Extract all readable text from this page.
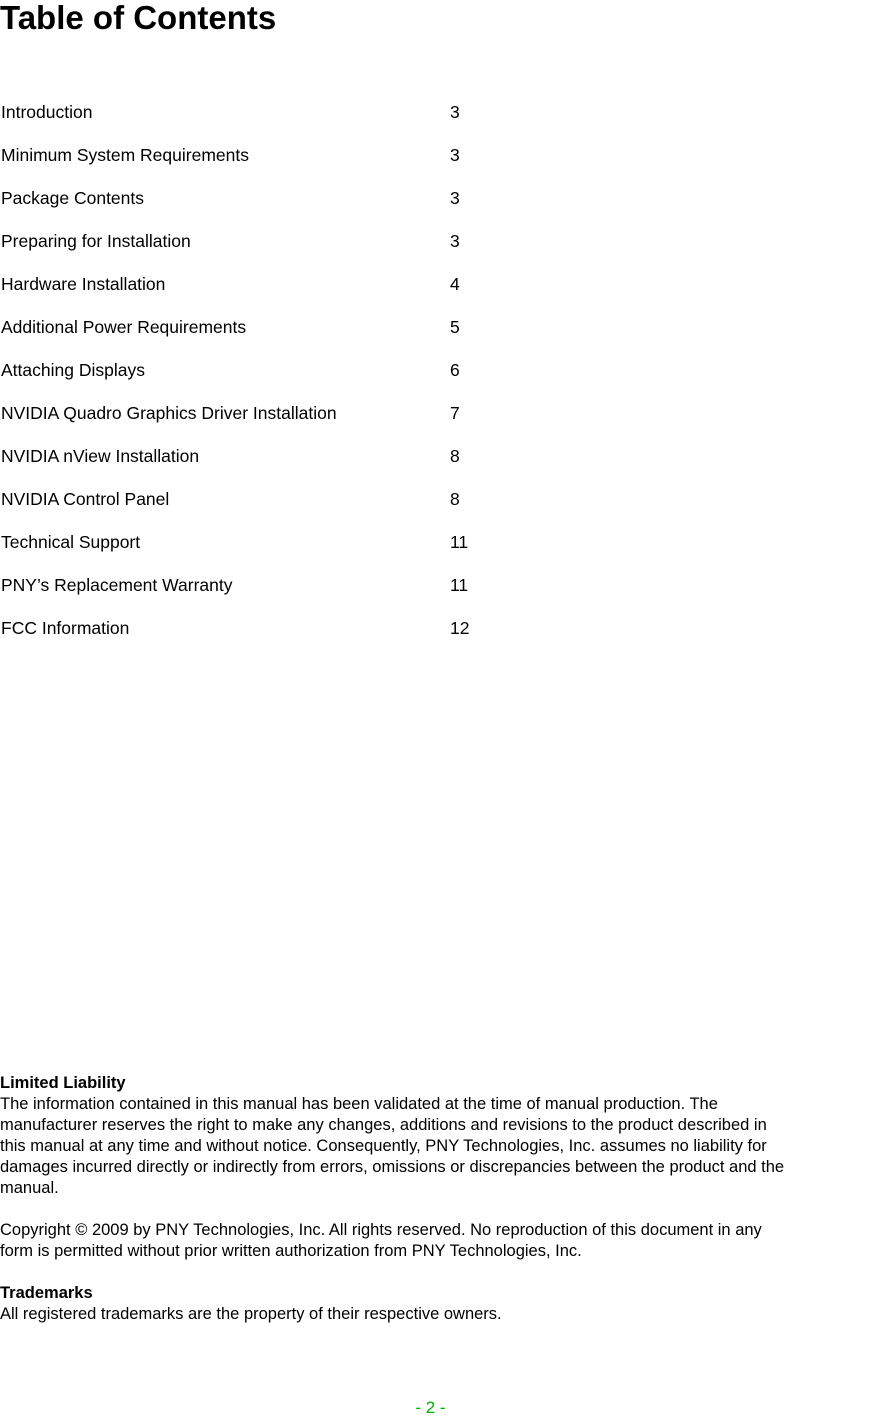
Table of Contents
Introduction	3
Minimum System Requirements	3
Package Contents	3
Preparing for Installation	3
Hardware Installation	4
Additional Power Requirements	5
Attaching Displays	6
NVIDIA Quadro Graphics Driver Installation	7
NVIDIA nView Installation	8
NVIDIA Control Panel	8
Technical Support	11
PNY’s Replacement Warranty	11
FCC Information	12
Limited Liability

The information contained in this manual has been validated at the time of manual production. The

manufacturer reserves the right to make any changes, additions and revisions to the product described in

this manual at any time and without notice. Consequently, PNY Technologies, Inc. assumes no liability for

damages incurred directly or indirectly from errors, omissions or discrepancies between the product and the

manual.

Copyright © 2009 by PNY Technologies, Inc. All rights reserved. No reproduction of this document in any

form is permitted without prior written authorization from PNY Technologies, Inc.

Trademarks

All registered trademarks are the property of their respective owners.

- 2 -
